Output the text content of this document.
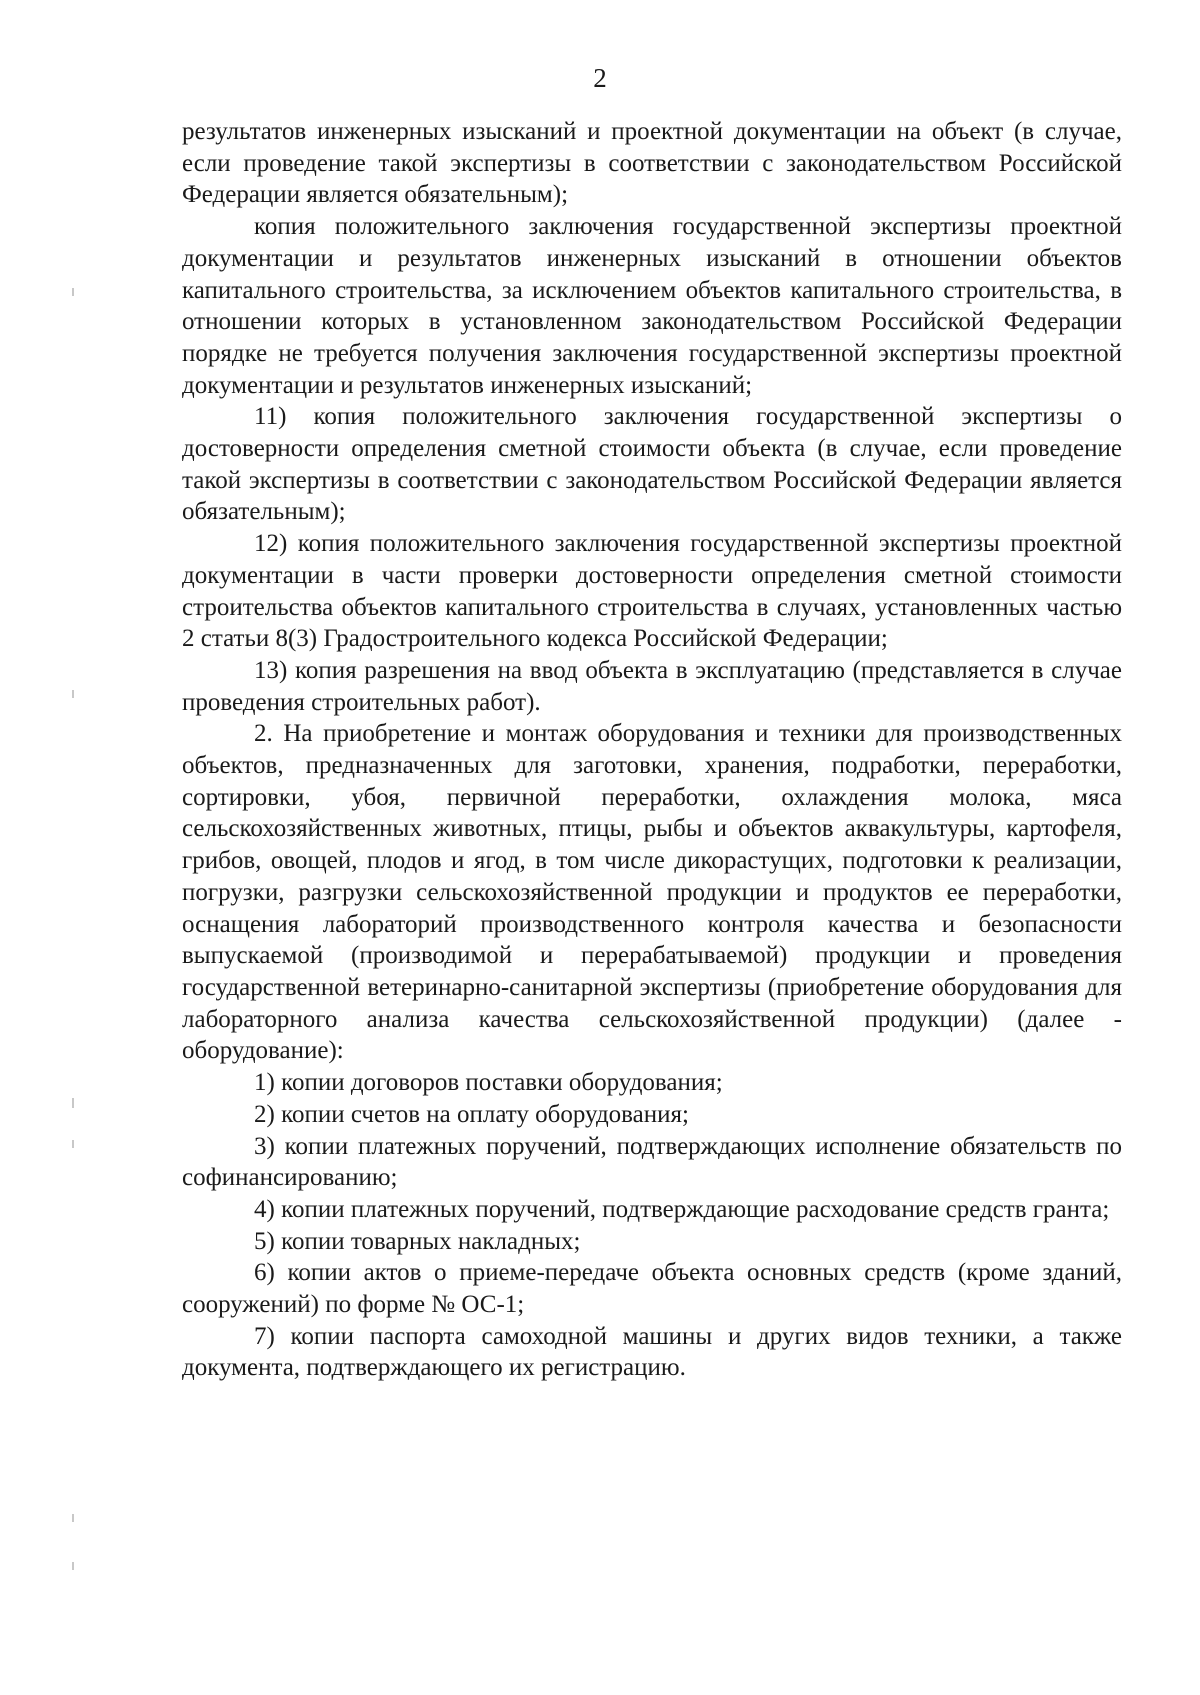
2

результатов инженерных изысканий и проектной документации на объект (в случае, если проведение такой экспертизы в соответствии с законодательством Российской Федерации является обязательным);

копия положительного заключения государственной экспертизы проектной документации и результатов инженерных изысканий в отношении объектов капитального строительства, за исключением объектов капитального строительства, в отношении которых в установленном законодательством Российской Федерации порядке не требуется получения заключения государственной экспертизы проектной документации и результатов инженерных изысканий;

11) копия положительного заключения государственной экспертизы о достоверности определения сметной стоимости объекта (в случае, если проведение такой экспертизы в соответствии с законодательством Российской Федерации является обязательным);

12) копия положительного заключения государственной экспертизы проектной документации в части проверки достоверности определения сметной стоимости строительства объектов капитального строительства в случаях, установленных частью 2 статьи 8(3) Градостроительного кодекса Российской Федерации;

13) копия разрешения на ввод объекта в эксплуатацию (представляется в случае проведения строительных работ).

2. На приобретение и монтаж оборудования и техники для производственных объектов, предназначенных для заготовки, хранения, подработки, переработки, сортировки, убоя, первичной переработки, охлаждения молока, мяса сельскохозяйственных животных, птицы, рыбы и объектов аквакультуры, картофеля, грибов, овощей, плодов и ягод, в том числе дикорастущих, подготовки к реализации, погрузки, разгрузки сельскохозяйственной продукции и продуктов ее переработки, оснащения лабораторий производственного контроля качества и безопасности выпускаемой (производимой и перерабатываемой) продукции и проведения государственной ветеринарно-санитарной экспертизы (приобретение оборудования для лабораторного анализа качества сельскохозяйственной продукции) (далее - оборудование):

1) копии договоров поставки оборудования;

2) копии счетов на оплату оборудования;

3) копии платежных поручений, подтверждающих исполнение обязательств по софинансированию;

4) копии платежных поручений, подтверждающие расходование средств гранта;

5) копии товарных накладных;

6) копии актов о приеме-передаче объекта основных средств (кроме зданий, сооружений) по форме № ОС-1;

7) копии паспорта самоходной машины и других видов техники, а также документа, подтверждающего их регистрацию.
